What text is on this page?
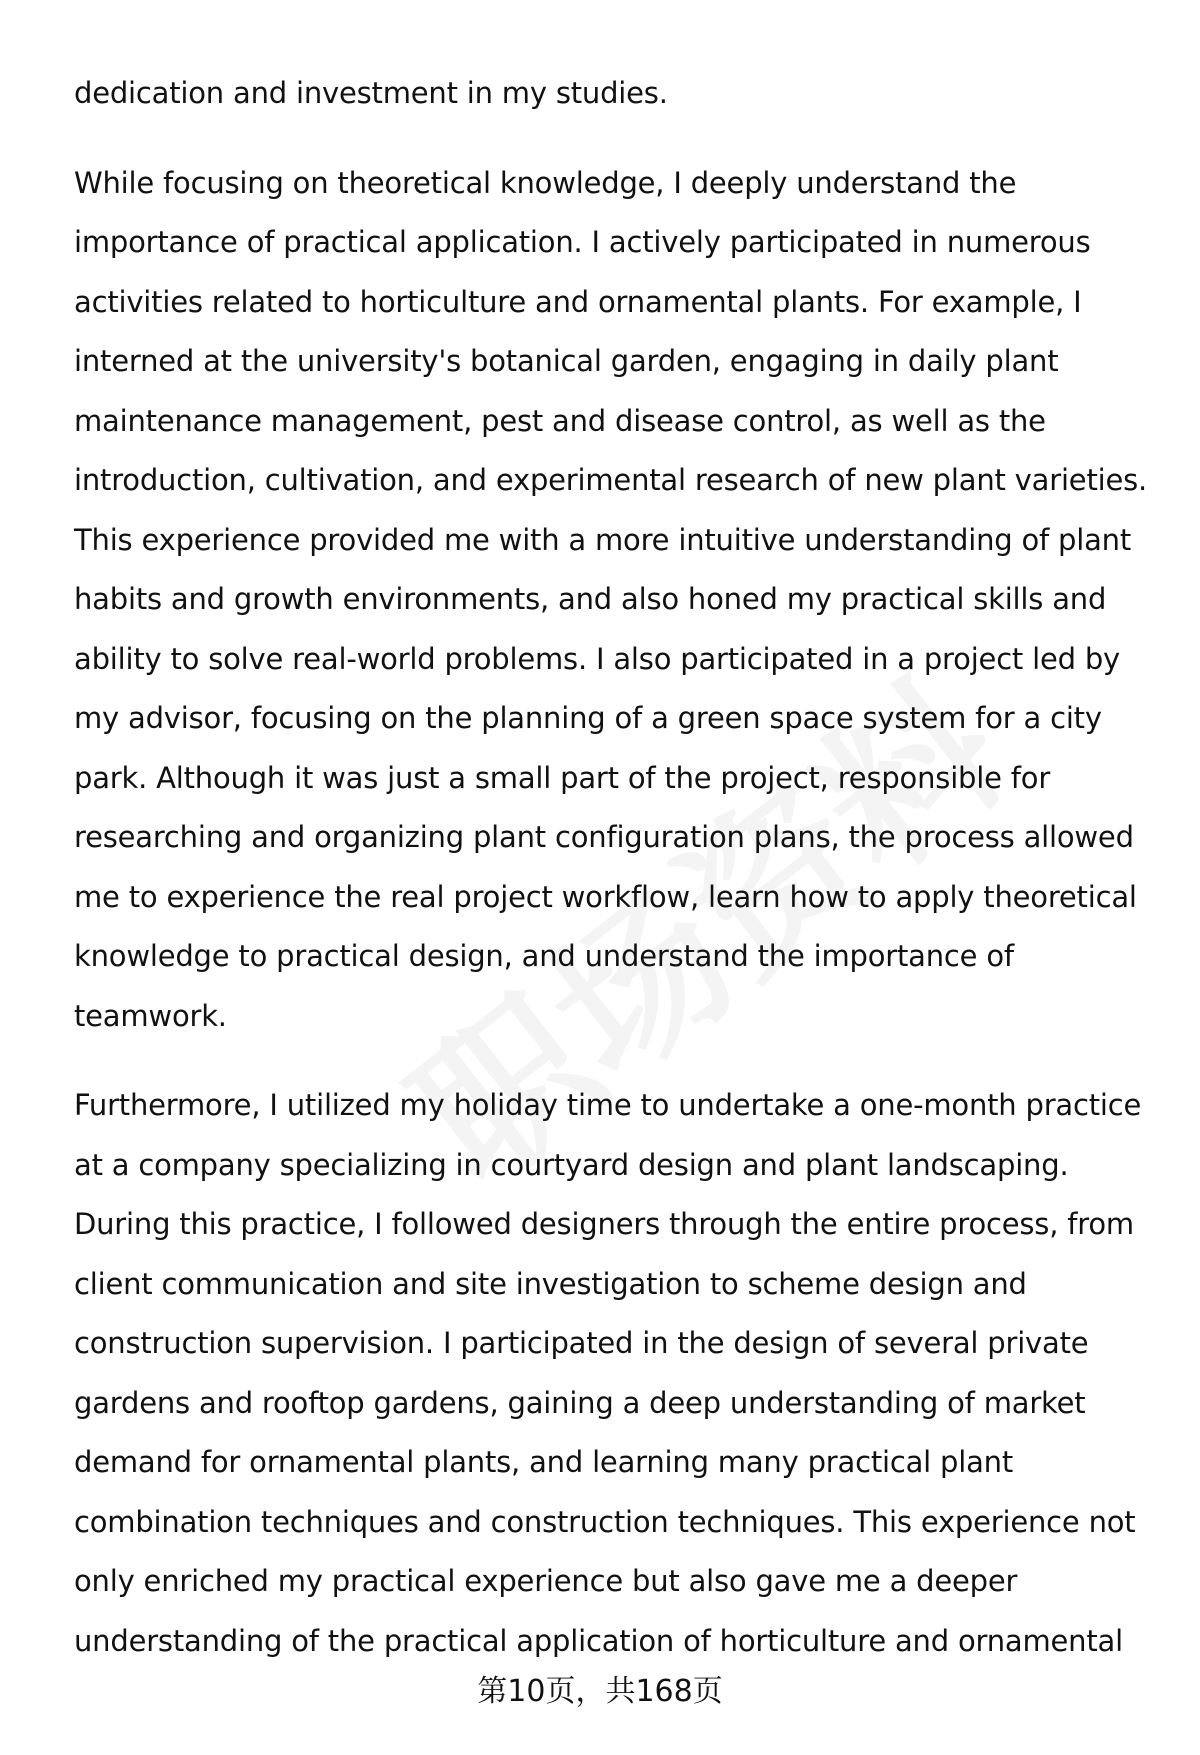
dedication and investment in my studies.
While focusing on theoretical knowledge, I deeply understand the
importance of practical application. I actively participated in numerous
activities related to horticulture and ornamental plants. For example, I
interned at the university's botanical garden, engaging in daily plant
maintenance management, pest and disease control, as well as the
introduction, cultivation, and experimental research of new plant varieties.
This experience provided me with a more intuitive understanding of plant
habits and growth environments, and also honed my practical skills and
ability to solve real-world problems. I also participated in a project led by
my advisor, focusing on the planning of a green space system for a city
park. Although it was just a small part of the project, responsible for
researching and organizing plant configuration plans, the process allowed
me to experience the real project workflow, learn how to apply theoretical
knowledge to practical design, and understand the importance of
teamwork.
Furthermore, I utilized my holiday time to undertake a one-month practice
at a company specializing in courtyard design and plant landscaping.
During this practice, I followed designers through the entire process, from
client communication and site investigation to scheme design and
construction supervision. I participated in the design of several private
gardens and rooftop gardens, gaining a deep understanding of market
demand for ornamental plants, and learning many practical plant
combination techniques and construction techniques. This experience not
only enriched my practical experience but also gave me a deeper
understanding of the practical application of horticulture and ornamental
第10页，共168页
